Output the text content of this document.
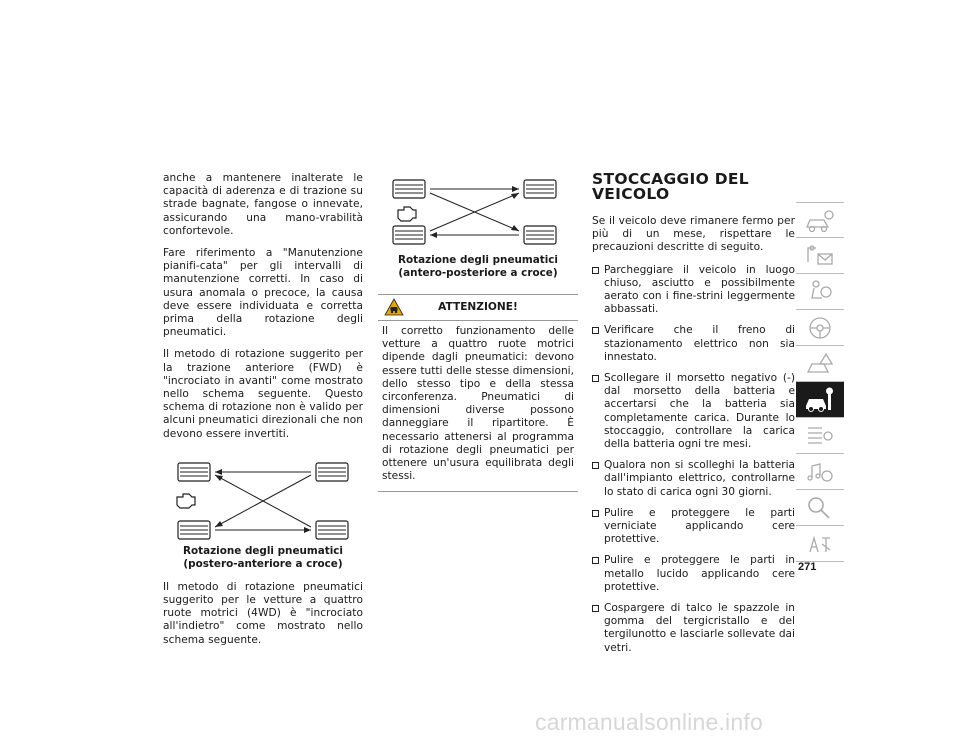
anche a mantenere inalterate le capacità di aderenza e di trazione su strade bagnate, fangose o innevate, assicurando una mano-vrabilità confortevole.

Fare riferimento a "Manutenzione pianifi-cata" per gli intervalli di manutenzione corretti. In caso di usura anomala o precoce, la causa deve essere individuata e corretta prima della rotazione degli pneumatici.

Il metodo di rotazione suggerito per la trazione anteriore (FWD) è "incrociato in avanti" come mostrato nello schema seguente. Questo schema di rotazione non è valido per alcuni pneumatici direzionali che non devono essere invertiti.

Rotazione degli pneumatici (postero-anteriore a croce)

Il metodo di rotazione pneumatici suggerito per le vetture a quattro ruote motrici (4WD) è "incrociato all'indietro" come mostrato nello schema seguente.

Rotazione degli pneumatici (antero-posteriore a croce)
ATTENZIONE!
Il corretto funzionamento delle vetture a quattro ruote motrici dipende dagli pneumatici: devono essere tutti delle stesse dimensioni, dello stesso tipo e della stessa circonferenza. Pneumatici di dimensioni diverse possono danneggiare il ripartitore. È necessario attenersi al programma di rotazione degli pneumatici per ottenere un'usura equilibrata degli stessi.
STOCCAGGIO DEL VEICOLO

Se il veicolo deve rimanere fermo per più di un mese, rispettare le precauzioni descritte di seguito.

Parcheggiare il veicolo in luogo chiuso, asciutto e possibilmente aerato con i fine-strini leggermente abbassati.
Verificare che il freno di stazionamento elettrico non sia innestato.
Scollegare il morsetto negativo (-) dal morsetto della batteria e accertarsi che la batteria sia completamente carica. Durante lo stoccaggio, controllare la carica della batteria ogni tre mesi.
Qualora non si scolleghi la batteria dall'impianto elettrico, controllarne lo stato di carica ogni 30 giorni.
Pulire e proteggere le parti verniciate applicando cere protettive.
Pulire e proteggere le parti in metallo lucido applicando cere protettive.
Cospargere di talco le spazzole in gomma del tergicristallo e del tergilunotto e lasciarle sollevate dai vetri.
271
carmanualsonline.info
